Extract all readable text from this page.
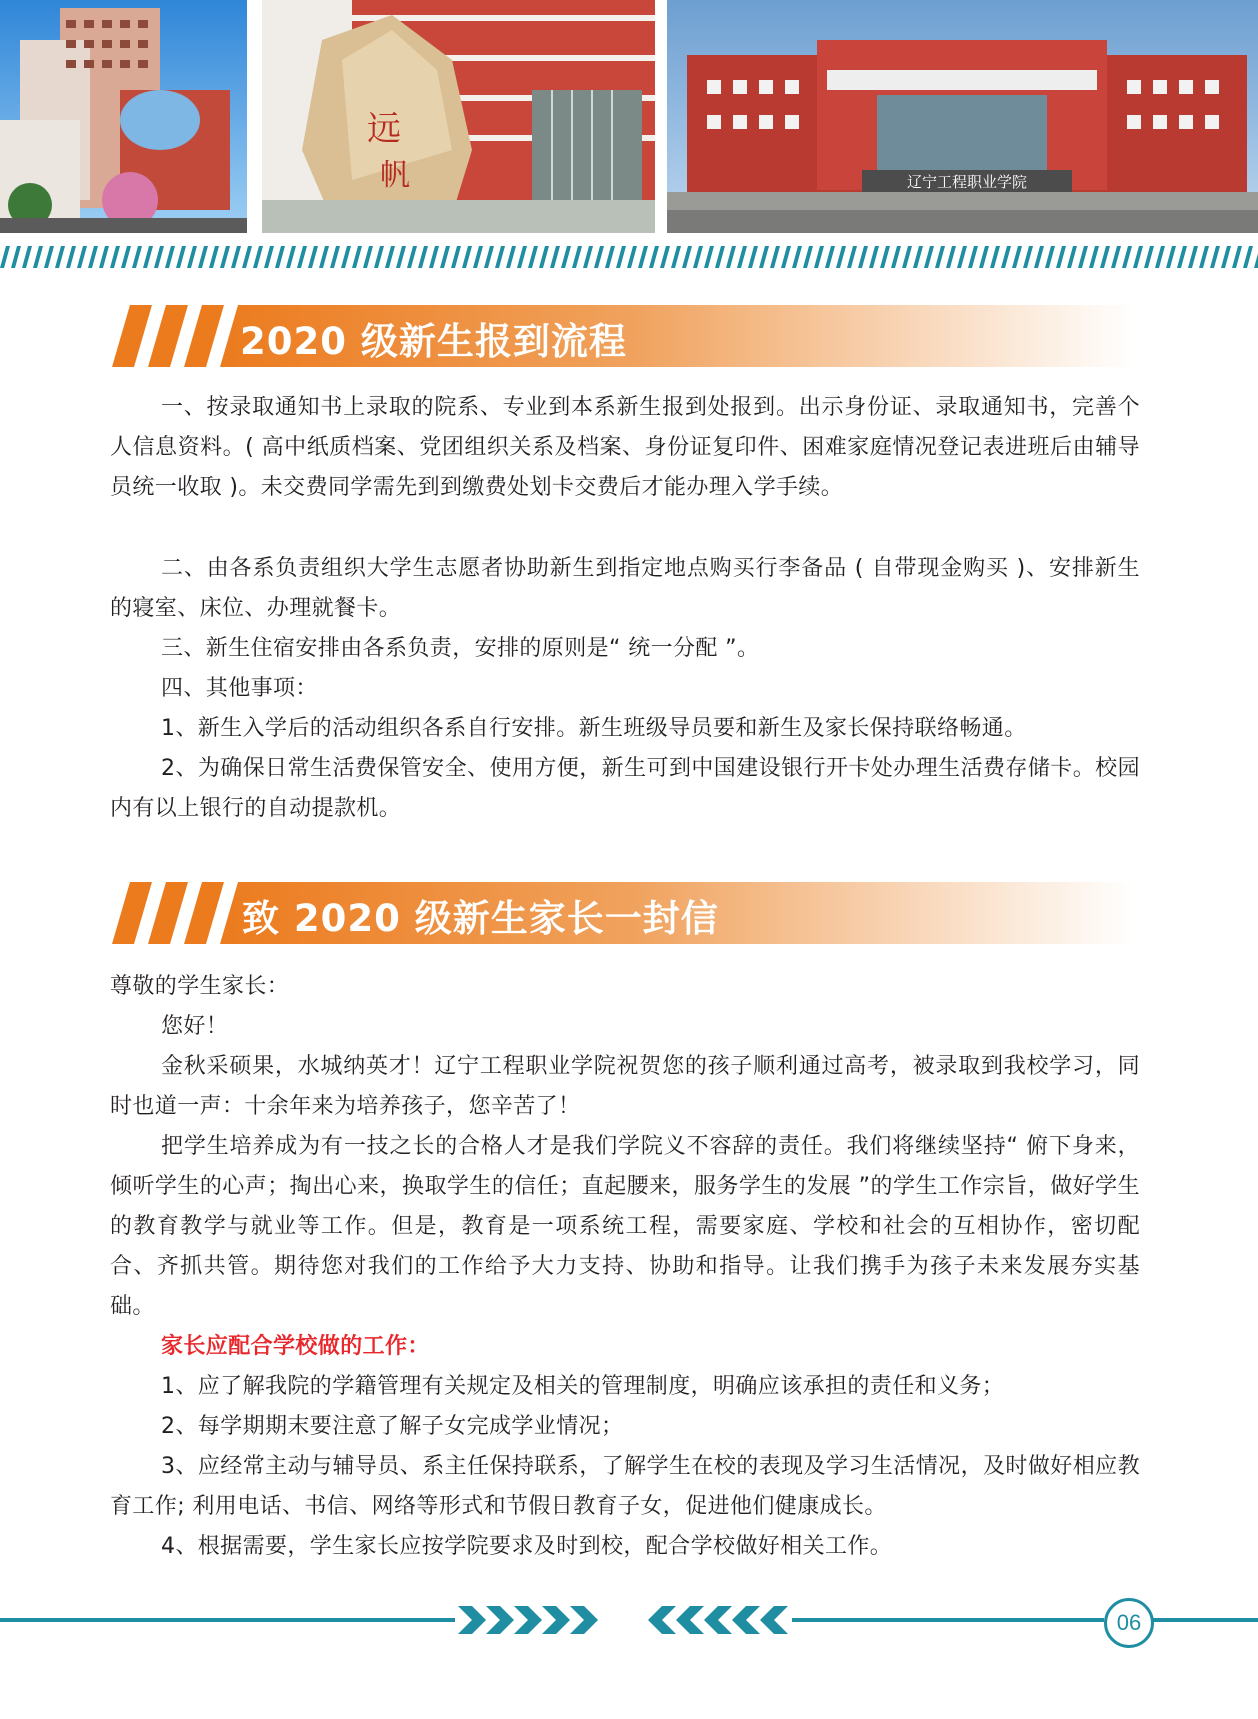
远
帆	辽宁工程职业学院
2020 级新生报到流程

一、按录取通知书上录取的院系、专业到本系新生报到处报到。出示身份证、录取通知书，完善个人信息资料。( 高中纸质档案、党团组织关系及档案、身份证复印件、困难家庭情况登记表进班后由辅导员统一收取 )。未交费同学需先到到缴费处划卡交费后才能办理入学手续。

二、由各系负责组织大学生志愿者协助新生到指定地点购买行李备品 ( 自带现金购买 )、安排新生的寝室、床位、办理就餐卡。

三、新生住宿安排由各系负责，安排的原则是“ 统一分配 ”。

四、其他事项：

1、新生入学后的活动组织各系自行安排。新生班级导员要和新生及家长保持联络畅通。

2、为确保日常生活费保管安全、使用方便，新生可到中国建设银行开卡处办理生活费存储卡。校园内有以上银行的自动提款机。

致 2020 级新生家长一封信

尊敬的学生家长：

您好！

金秋采硕果，水城纳英才！辽宁工程职业学院祝贺您的孩子顺利通过高考，被录取到我校学习，同时也道一声：十余年来为培养孩子，您辛苦了！

把学生培养成为有一技之长的合格人才是我们学院义不容辞的责任。我们将继续坚持“ 俯下身来，倾听学生的心声；掏出心来，换取学生的信任；直起腰来，服务学生的发展 ”的学生工作宗旨，做好学生的教育教学与就业等工作。但是，教育是一项系统工程，需要家庭、学校和社会的互相协作，密切配合、齐抓共管。期待您对我们的工作给予大力支持、协助和指导。让我们携手为孩子未来发展夯实基础。

家长应配合学校做的工作：

1、应了解我院的学籍管理有关规定及相关的管理制度，明确应该承担的责任和义务；

2、每学期期末要注意了解子女完成学业情况；

3、应经常主动与辅导员、系主任保持联系，了解学生在校的表现及学习生活情况，及时做好相应教育工作; 利用电话、书信、网络等形式和节假日教育子女，促进他们健康成长。

4、根据需要，学生家长应按学院要求及时到校，配合学校做好相关工作。

06
